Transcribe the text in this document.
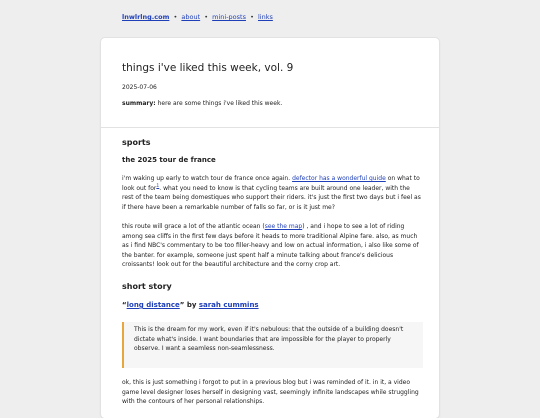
lnwlrlng.com • about • mini-posts • links
things i've liked this week, vol. 9
2025-07-06
summary: here are some things i've liked this week.
sports
the 2025 tour de france

i'm waking up early to watch tour de france once again. defector has a wonderful guide on what to look out for$^1$. what you need to know is that cycling teams are built around one leader, with the rest of the team being domestiques who support their riders. it's just the first two days but i feel as if there have been a remarkable number of falls so far, or is it just me?

this route will grace a lot of the atlantic ocean (see the map) , and i hope to see a lot of riding among sea cliffs in the first few days before it heads to more traditional Alpine fare. also, as much as i find NBC's commentary to be too filler-heavy and low on actual information, i also like some of the banter. for example, someone just spent half a minute talking about france's delicious croissants! look out for the beautiful architecture and the corny crop art.

short story
“long distance” by sarah cummins

This is the dream for my work, even if it's nebulous: that the outside of a building doesn't dictate what's inside. I want boundaries that are impossible for the player to properly observe. I want a seamless non-seamlessness.

ok, this is just something i forgot to put in a previous blog but i was reminded of it. in it, a video game level designer loses herself in designing vast, seemingly infinite landscapes while struggling with the contours of her personal relationships.
